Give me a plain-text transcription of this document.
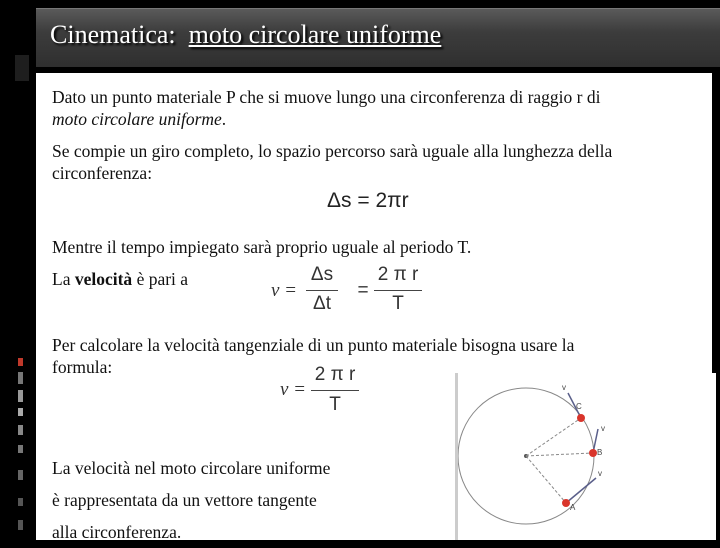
Cinematica: moto circolare uniforme
Dato un punto materiale P che si muove lungo una circonferenza di raggio r di
moto circolare uniforme.
Se compie un giro completo, lo spazio percorso sarà uguale alla lunghezza della
circonferenza:
Δs = 2πr
Mentre il tempo impiegato sarà proprio uguale al periodo T.
La velocità è pari a
v =
Δs
Δt
=
2 π r
T
Per calcolare la velocità tangenziale di un punto materiale bisogna usare la
formula:
v =
2 π r
T
La velocità nel moto circolare uniforme
è rappresentata da un vettore tangente
alla circonferenza.
C
B
A
v
v
v
